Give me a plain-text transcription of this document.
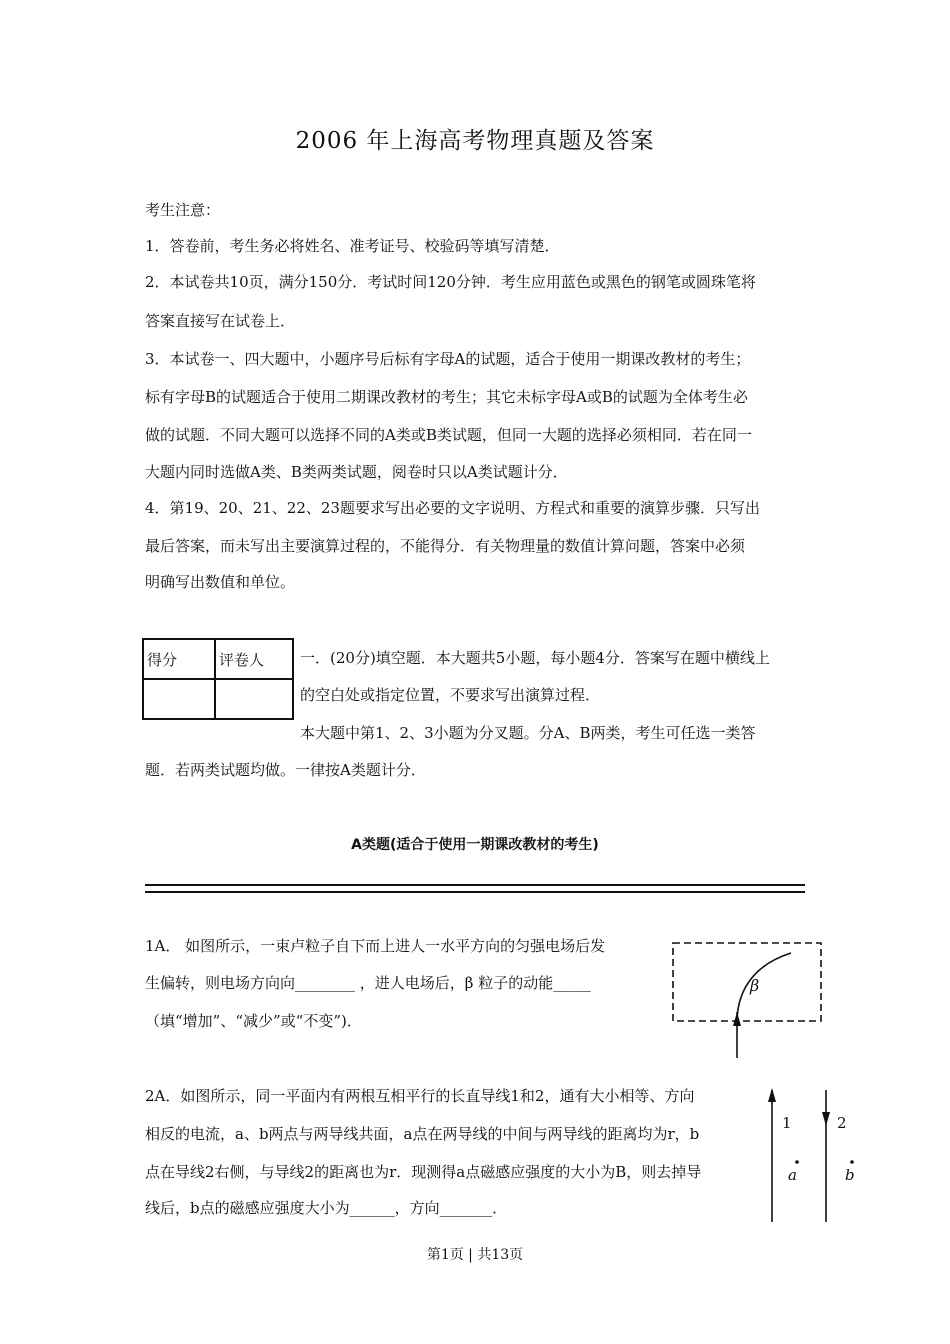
2006 年上海高考物理真题及答案
考生注意：
1．答卷前，考生务必将姓名、准考证号、校验码等填写清楚．
2．本试卷共10页，满分150分．考试时间120分钟．考生应用蓝色或黑色的钢笔或圆珠笔将
答案直接写在试卷上．
3．本试卷一、四大题中，小题序号后标有字母A的试题，适合于使用一期课改教材的考生；
标有字母B的试题适合于使用二期课改教材的考生；其它未标字母A或B的试题为全体考生必
做的试题．不同大题可以选择不同的A类或B类试题，但同一大题的选择必须相同．若在同一
大题内同时选做A类、B类两类试题，阅卷时只以A类试题计分．
4．第19、20、21、22、23题要求写出必要的文字说明、方程式和重要的演算步骤．只写出
最后答案，而未写出主要演算过程的，不能得分．有关物理量的数值计算问题，答案中必须
明确写出数值和单位。
得分	评卷人
	一．(20分)填空题．本大题共5小题，每小题4分．答案写在题中横线上
的空白处或指定位置，不要求写出演算过程．
本大题中第1、2、3小题为分叉题。分A、B两类，考生可任选一类答
题．若两类试题均做。一律按A类题计分．
A类题(适合于使用一期课改教材的考生)
1A． 如图所示，一束卢粒子自下而上进人一水平方向的匀强电场后发
生偏转，则电场方向向________ ，进人电场后，β 粒子的动能_____
（填“增加”、“减少”或“不变”)．
β
2A．如图所示，同一平面内有两根互相平行的长直导线1和2，通有大小相等、方向
相反的电流，a、b两点与两导线共面，a点在两导线的中间与两导线的距离均为r，b
点在导线2右侧，与导线2的距离也为r．现测得a点磁感应强度的大小为B，则去掉导
线后，b点的磁感应强度大小为______，方向_______．
1	2
a	b
第1页 | 共13页
